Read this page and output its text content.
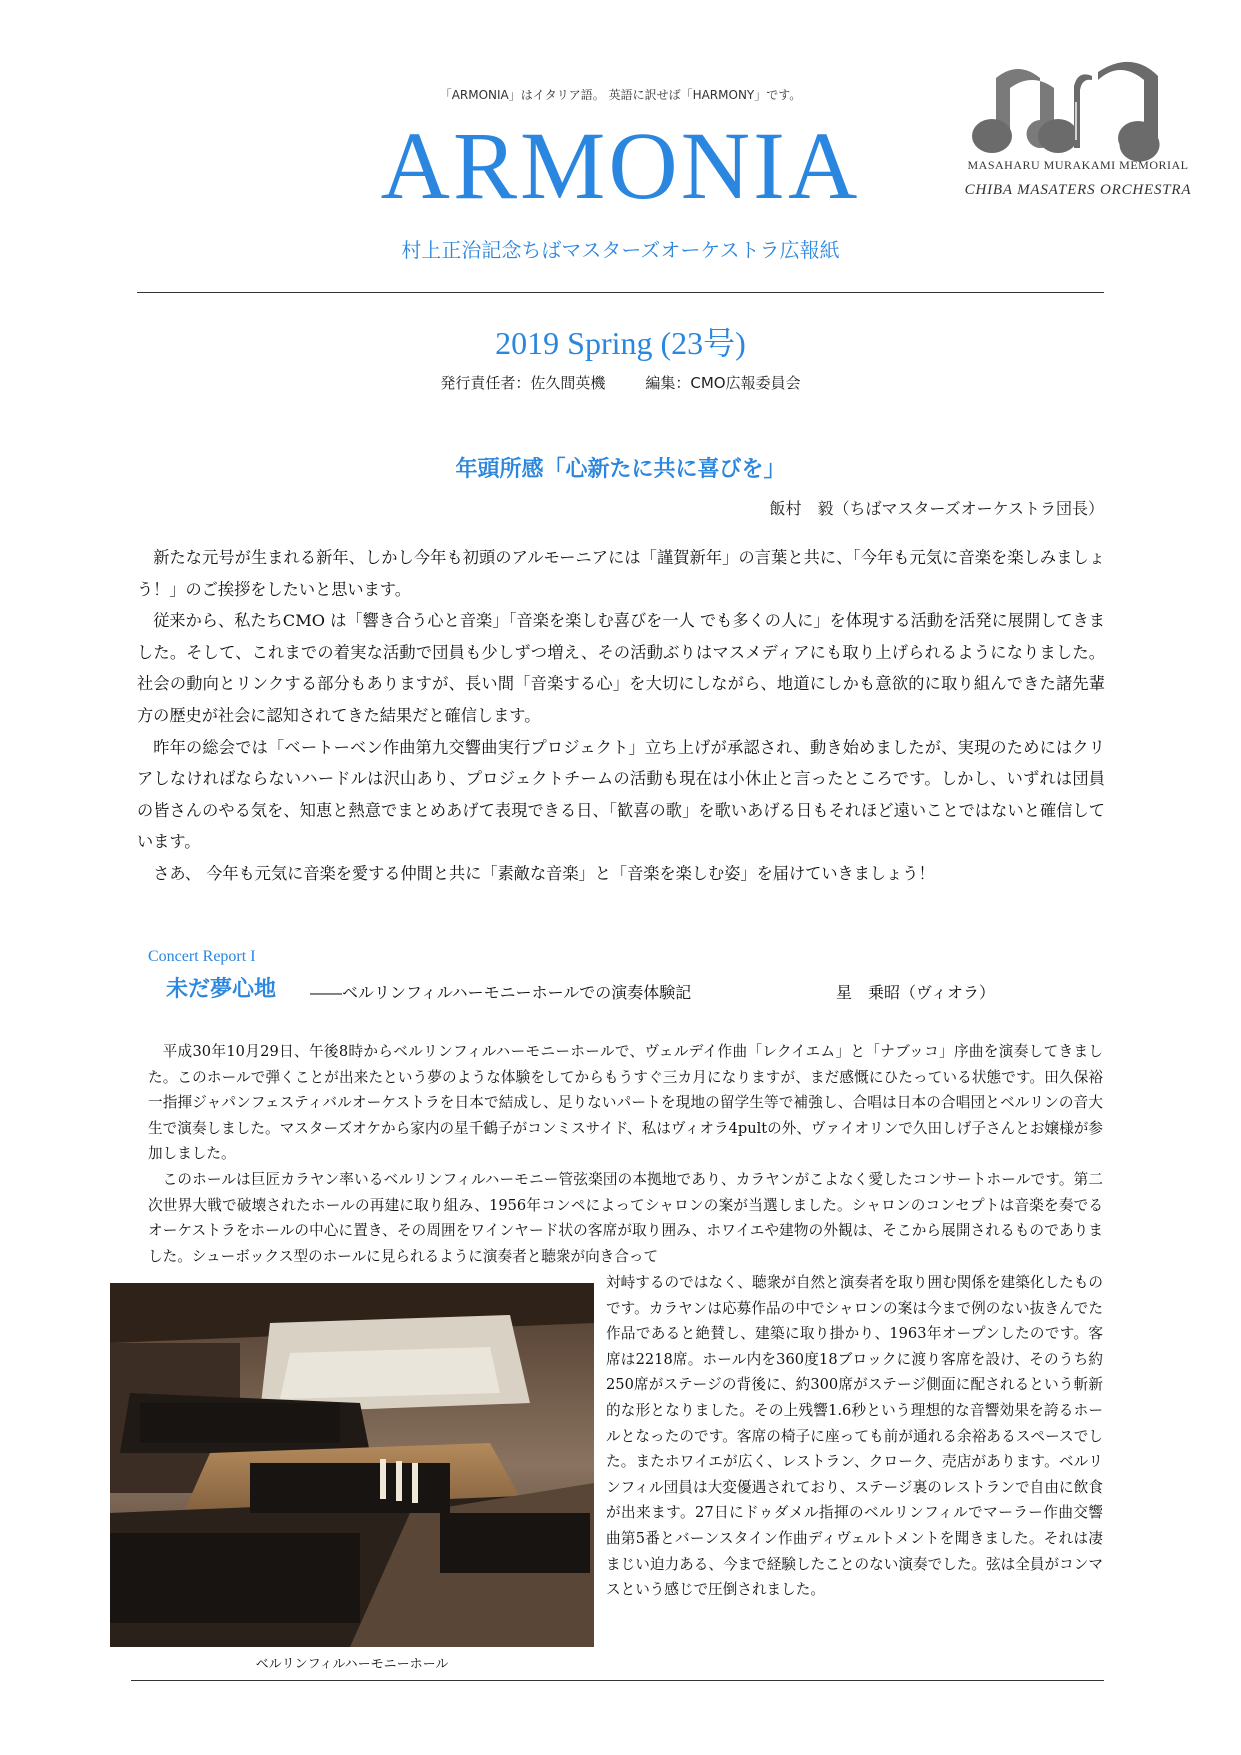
「ARMONIA」はイタリア語。 英語に訳せば「HARMONY」です。
ARMONIA
村上正治記念ちばマスターズオーケストラ広報紙
MASAHARU MURAKAMI MEMORIAL
CHIBA MASATERS ORCHESTRA
2019 Spring (23号)
発行責任者：佐久間英機	編集：CMO広報委員会
年頭所感「心新たに共に喜びを」
飯村　毅（ちばマスターズオーケストラ団長）

新たな元号が生まれる新年、しかし今年も初頭のアルモーニアには「謹賀新年」の言葉と共に、「今年も元気に音楽を楽しみましょう！」のご挨拶をしたいと思います。

従来から、私たちCMO は「響き合う心と音楽」「音楽を楽しむ喜びを一人 でも多くの人に」を体現する活動を活発に展開してきました。そして、これまでの着実な活動で団員も少しずつ増え、その活動ぶりはマスメディアにも取り上げられるようになりました。社会の動向とリンクする部分もありますが、長い間「音楽する心」を大切にしながら、地道にしかも意欲的に取り組んできた諸先輩方の歴史が社会に認知されてきた結果だと確信します。

昨年の総会では「ベートーベン作曲第九交響曲実行プロジェクト」立ち上げが承認され、動き始めましたが、実現のためにはクリアしなければならないハードルは沢山あり、プロジェクトチームの活動も現在は小休止と言ったところです。しかし、いずれは団員の皆さんのやる気を、知恵と熱意でまとめあげて表現できる日、「歓喜の歌」を歌いあげる日もそれほど遠いことではないと確信しています。

さあ、 今年も元気に音楽を愛する仲間と共に「素敵な音楽」と「音楽を楽しむ姿」を届けていきましょう！

Concert Report I
未だ夢心地 ――ベルリンフィルハーモニーホールでの演奏体験記	星　乗昭（ヴィオラ）

平成30年10月29日、午後8時からベルリンフィルハーモニーホールで、ヴェルデイ作曲「レクイエム」と「ナブッコ」序曲を演奏してきました。このホールで弾くことが出来たという夢のような体験をしてからもうすぐ三カ月になりますが、まだ感慨にひたっている状態です。田久保裕一指揮ジャパンフェスティバルオーケストラを日本で結成し、足りないパートを現地の留学生等で補強し、合唱は日本の合唱団とベルリンの音大生で演奏しました。マスターズオケから家内の星千鶴子がコンミスサイド、私はヴィオラ4pultの外、ヴァイオリンで久田しげ子さんとお嬢様が参加しました。

このホールは巨匠カラヤン率いるベルリンフィルハーモニー管弦楽団の本拠地であり、カラヤンがこよなく愛したコンサートホールです。第二次世界大戦で破壊されたホールの再建に取り組み、1956年コンペによってシャロンの案が当選しました。シャロンのコンセプトは音楽を奏でるオーケストラをホールの中心に置き、その周囲をワインヤード状の客席が取り囲み、ホワイエや建物の外観は、そこから展開されるものでありました。シューボックス型のホールに見られるように演奏者と聴衆が向き合って

対峙するのではなく、聴衆が自然と演奏者を取り囲む関係を建築化したものです。カラヤンは応募作品の中でシャロンの案は今まで例のない抜きんでた作品であると絶賛し、建築に取り掛かり、1963年オープンしたのです。客席は2218席。ホール内を360度18ブロックに渡り客席を設け、そのうち約250席がステージの背後に、約300席がステージ側面に配されるという斬新的な形となりました。その上残響1.6秒という理想的な音響効果を誇るホールとなったのです。客席の椅子に座っても前が通れる余裕あるスペースでした。またホワイエが広く、レストラン、クローク、売店があります。ベルリンフィル団員は大変優遇されており、ステージ裏のレストランで自由に飲食が出来ます。27日にドゥダメル指揮のベルリンフィルでマーラー作曲交響曲第5番とバーンスタイン作曲ディヴェルトメントを聞きました。それは凄まじい迫力ある、今まで経験したことのない演奏でした。弦は全員がコンマスという感じで圧倒されました。
ベルリンフィルハーモニーホール
